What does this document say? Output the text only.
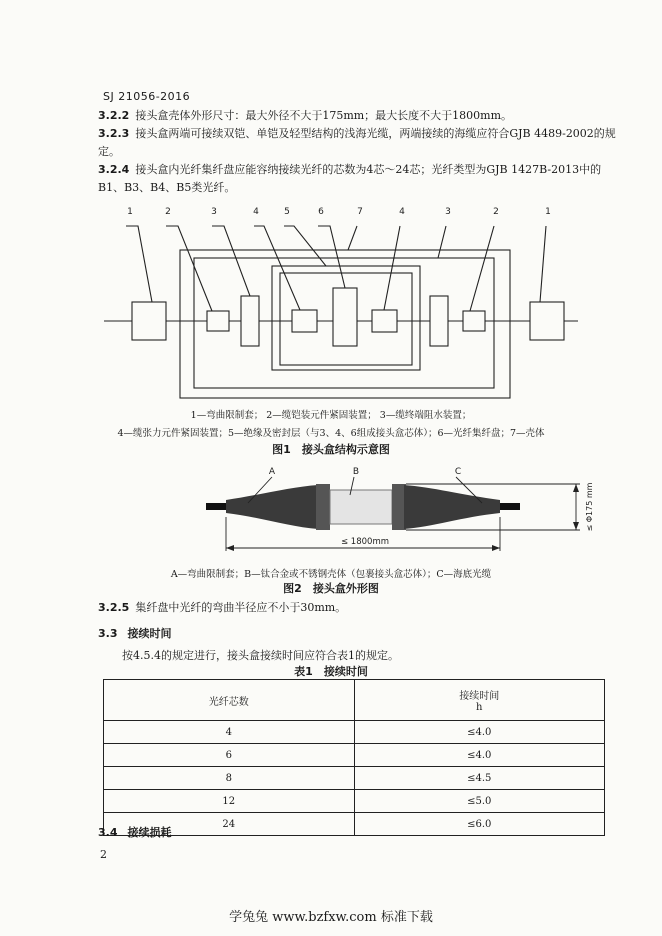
SJ 21056-2016
3.2.2 接头盒壳体外形尺寸：最大外径不大于175mm；最大长度不大于1800mm。
3.2.3 接头盒两端可接续双铠、单铠及轻型结构的浅海光缆，两端接续的海缆应符合GJB 4489-2002的规定。
3.2.4 接头盒内光纤集纤盘应能容纳接续光纤的芯数为4芯～24芯；光纤类型为GJB 1427B-2013中的B1、B3、B4、B5类光纤。
1	2	3	4	5	6	7	4	3	2	1
1—弯曲限制套； 2—缆铠装元件紧固装置； 3—缆终端阻水装置；
4—缆张力元件紧固装置；5—绝缘及密封层（与3、4、6组成接头盒芯体）；6—光纤集纤盘；7—壳体
图1　接头盒结构示意图
A	B	C
≤ 1800mm
≤ Φ175 mm
A—弯曲限制套；B—钛合金或不锈钢壳体（包裹接头盒芯体）；C—海底光缆
图2　接头盒外形图
3.2.5 集纤盘中光纤的弯曲半径应不小于30mm。
3.3 接续时间
按4.5.4的规定进行，接头盒接续时间应符合表1的规定。
表1　接续时间
光纤芯数	接续时间
h

4	≤4.0
6	≤4.0
8	≤4.5
12	≤5.0
24	≤6.0
3.4 接续损耗
2
学兔兔 www.bzfxw.com 标准下载
